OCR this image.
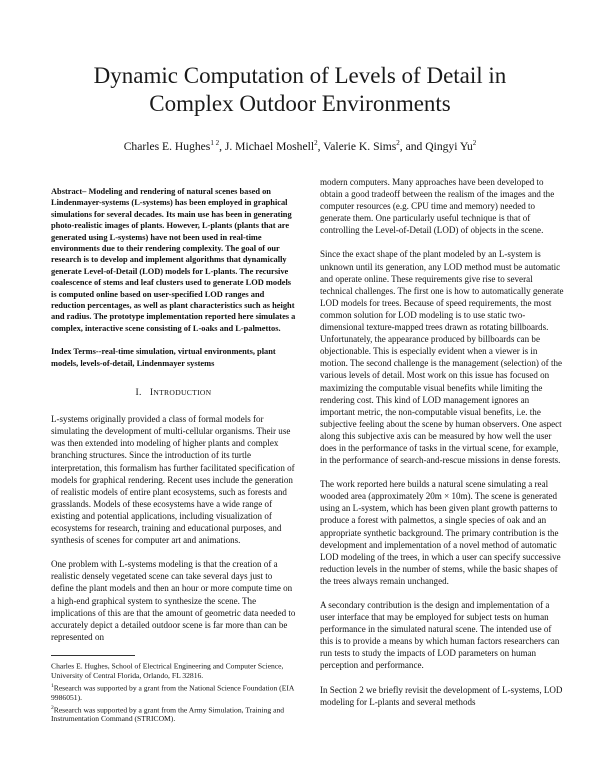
Dynamic Computation of Levels of Detail in
Complex Outdoor Environments
Charles E. Hughes$^{1 2}$, J. Michael Moshell$^2$, Valerie K. Sims$^2$, and Qingyi Yu$^2$

Abstract– Modeling and rendering of natural scenes based on Lindenmayer-systems (L-systems) has been employed in graphical simulations for several decades. Its main use has been in generating photo-realistic images of plants. However, L-plants (plants that are generated using L-systems) have not been used in real-time environments due to their rendering complexity. The goal of our research is to develop and implement algorithms that dynamically generate Level-of-Detail (LOD) models for L-plants. The recursive coalescence of stems and leaf clusters used to generate LOD models is computed online based on user-specified LOD ranges and reduction percentages, as well as plant characteristics such as height and radius. The prototype implementation reported here simulates a complex, interactive scene consisting of L-oaks and L-palmettos.

Index Terms--real-time simulation, virtual environments, plant models, levels-of-detail, Lindenmayer systems

I. INTRODUCTION

L-systems originally provided a class of formal models for simulating the development of multi-cellular organisms. Their use was then extended into modeling of higher plants and complex branching structures. Since the introduction of its turtle interpretation, this formalism has further facilitated specification of models for graphical rendering. Recent uses include the generation of realistic models of entire plant ecosystems, such as forests and grasslands. Models of these ecosystems have a wide range of existing and potential applications, including visualization of ecosystems for research, training and educational purposes, and synthesis of scenes for computer art and animations.

One problem with L-systems modeling is that the creation of a realistic densely vegetated scene can take several days just to define the plant models and then an hour or more compute time on a high-end graphical system to synthesize the scene. The implications of this are that the amount of geometric data needed to accurately depict a detailed outdoor scene is far more than can be represented on

Charles E. Hughes, School of Electrical Engineering and Computer Science, University of Central Florida, Orlando, FL 32816.
$^1$Research was supported by a grant from the National Science Foundation (EIA 9986051).
$^2$Research was supported by a grant from the Army Simulation, Training and Instrumentation Command (STRICOM).

modern computers. Many approaches have been developed to obtain a good tradeoff between the realism of the images and the computer resources (e.g. CPU time and memory) needed to generate them. One particularly useful technique is that of controlling the Level-of-Detail (LOD) of objects in the scene.

Since the exact shape of the plant modeled by an L-system is unknown until its generation, any LOD method must be automatic and operate online. These requirements give rise to several technical challenges. The first one is how to automatically generate LOD models for trees. Because of speed requirements, the most common solution for LOD modeling is to use static two-dimensional texture-mapped trees drawn as rotating billboards. Unfortunately, the appearance produced by billboards can be objectionable. This is especially evident when a viewer is in motion. The second challenge is the management (selection) of the various levels of detail. Most work on this issue has focused on maximizing the computable visual benefits while limiting the rendering cost. This kind of LOD management ignores an important metric, the non-computable visual benefits, i.e. the subjective feeling about the scene by human observers. One aspect along this subjective axis can be measured by how well the user does in the performance of tasks in the virtual scene, for example, in the performance of search-and-rescue missions in dense forests.

The work reported here builds a natural scene simulating a real wooded area (approximately 20m × 10m). The scene is generated using an L-system, which has been given plant growth patterns to produce a forest with palmettos, a single species of oak and an appropriate synthetic background. The primary contribution is the development and implementation of a novel method of automatic LOD modeling of the trees, in which a user can specify successive reduction levels in the number of stems, while the basic shapes of the trees always remain unchanged.

A secondary contribution is the design and implementation of a user interface that may be employed for subject tests on human performance in the simulated natural scene. The intended use of this is to provide a means by which human factors researchers can run tests to study the impacts of LOD parameters on human perception and performance.

In Section 2 we briefly revisit the development of L-systems, LOD modeling for L-plants and several methods
